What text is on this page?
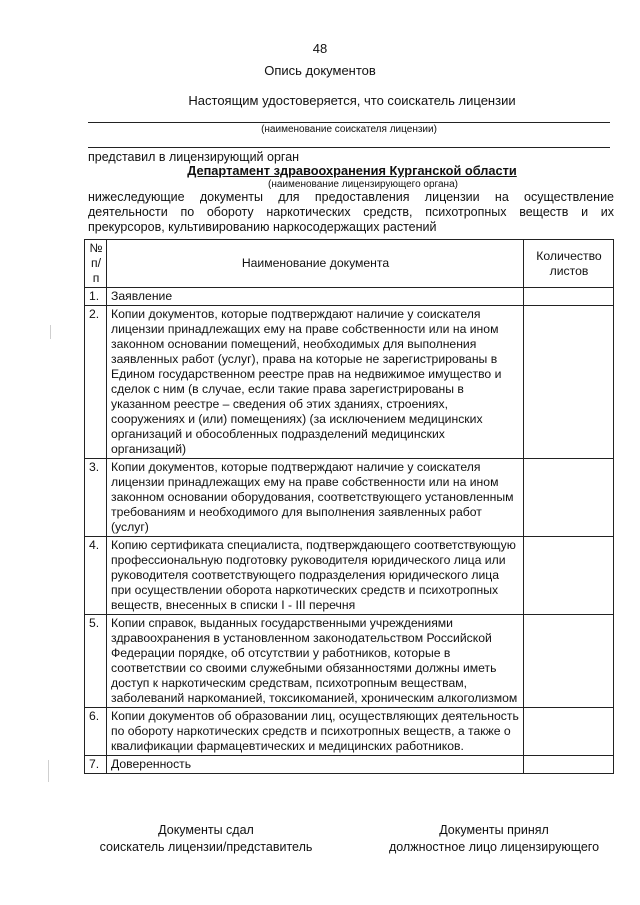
48
Опись документов
Настоящим удостоверяется, что соискатель лицензии
(наименование соискателя лицензии)
представил в лицензирующий орган
Департамент здравоохранения Курганской области
(наименование лицензирующего органа)
нижеследующие документы для предоставления лицензии на осуществление деятельности по обороту наркотических средств, психотропных веществ и их прекурсоров, культивированию наркосодержащих растений
№ п/п	Наименование документа	Количество листов
1.	Заявление	
2.	Копии документов, которые подтверждают наличие у соискателя лицензии принадлежащих ему на праве собственности или на ином законном основании помещений, необходимых для выполнения заявленных работ (услуг), права на которые не зарегистрированы в Едином государственном реестре прав на недвижимое имущество и сделок с ним (в случае, если такие права зарегистрированы в указанном реестре – сведения об этих зданиях, строениях, сооружениях и (или) помещениях) (за исключением медицинских организаций и обособленных подразделений медицинских организаций)	
3.	Копии документов, которые подтверждают наличие у соискателя лицензии принадлежащих ему на праве собственности или на ином законном основании оборудования, соответствующего установленным требованиям и необходимого для выполнения заявленных работ (услуг)	
4.	Копию сертификата специалиста, подтверждающего соответствующую профессиональную подготовку руководителя юридического лица или руководителя соответствующего подразделения юридического лица при осуществлении оборота наркотических средств и психотропных веществ, внесенных в списки I - III перечня	
5.	Копии справок, выданных государственными учреждениями здравоохранения в установленном законодательством Российской Федерации порядке, об отсутствии у работников, которые в соответствии со своими служебными обязанностями должны иметь доступ к наркотическим средствам, психотропным веществам, заболеваний наркоманией, токсикоманией, хроническим алкоголизмом	
6.	Копии документов об образовании лиц, осуществляющих деятельность по обороту наркотических средств и психотропных веществ, а также о квалификации фармацевтических и медицинских работников.	
7.	Доверенность	
Документы сдал
соискатель лицензии/представитель
Документы принял
должностное лицо лицензирующего
